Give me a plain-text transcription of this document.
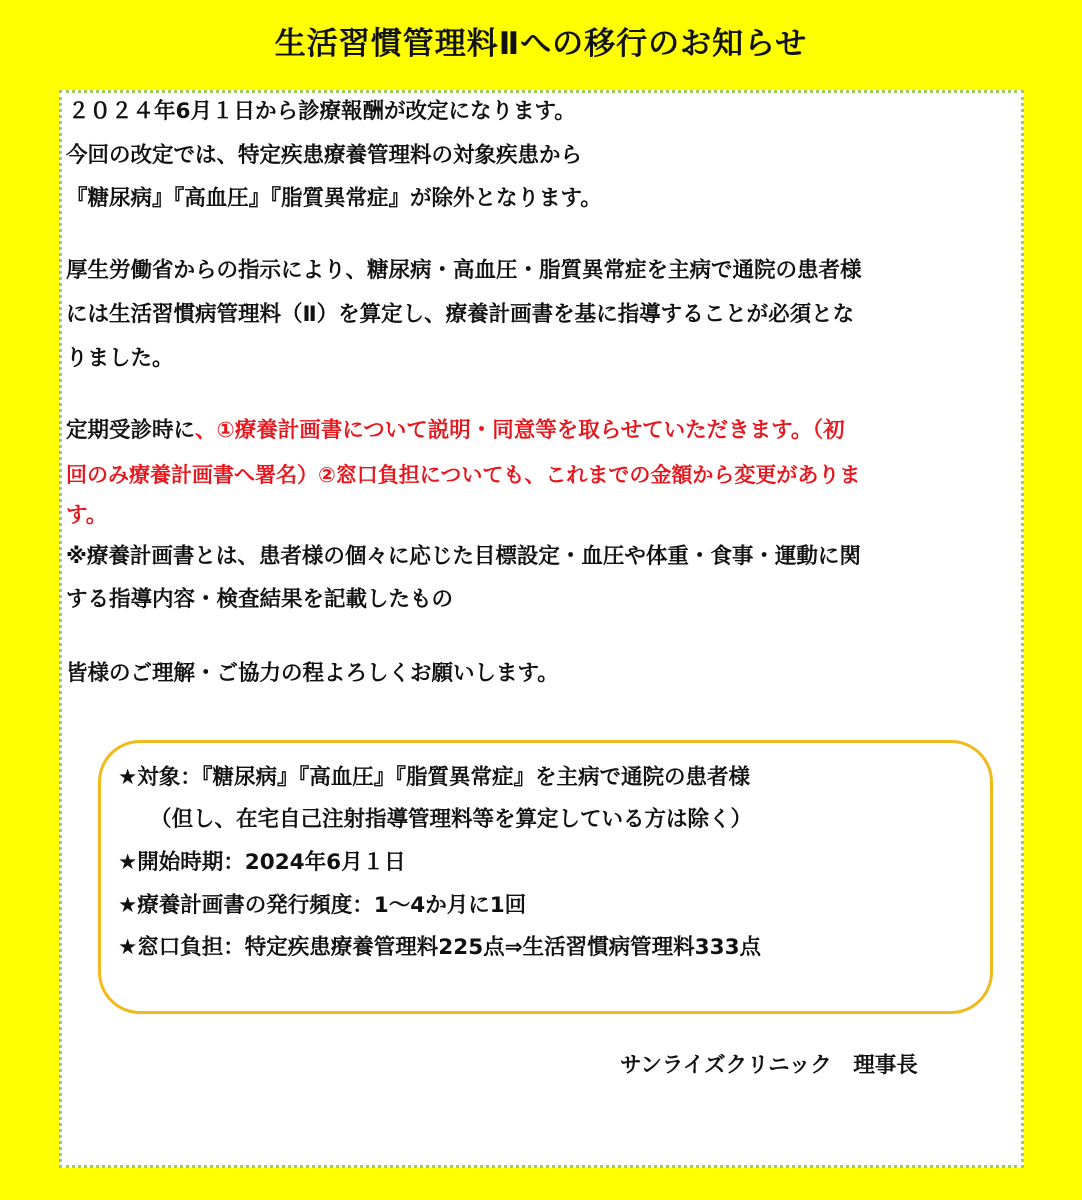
生活習慣管理料Ⅱへの移行のお知らせ

２０２４年6月１日から診療報酬が改定になります。

今回の改定では、特定疾患療養管理料の対象疾患から

『糖尿病』『高血圧』『脂質異常症』が除外となります。

厚生労働省からの指示により、糖尿病・高血圧・脂質異常症を主病で通院の患者様

には生活習慣病管理料（Ⅱ）を算定し、療養計画書を基に指導することが必須とな

りました。

定期受診時に、①療養計画書について説明・同意等を取らせていただきます。（初

回のみ療養計画書へ署名）②窓口負担についても、これまでの金額から変更がありま

す。

※療養計画書とは、患者様の個々に応じた目標設定・血圧や体重・食事・運動に関

する指導内容・検査結果を記載したもの

皆様のご理解・ご協力の程よろしくお願いします。

★対象：『糖尿病』『高血圧』『脂質異常症』を主病で通院の患者様
（但し、在宅自己注射指導管理料等を算定している方は除く）
★開始時期：2024年6月１日
★療養計画書の発行頻度：1〜4か月に1回
★窓口負担：特定疾患療養管理料225点⇒生活習慣病管理料333点
サンライズクリニック　理事長
